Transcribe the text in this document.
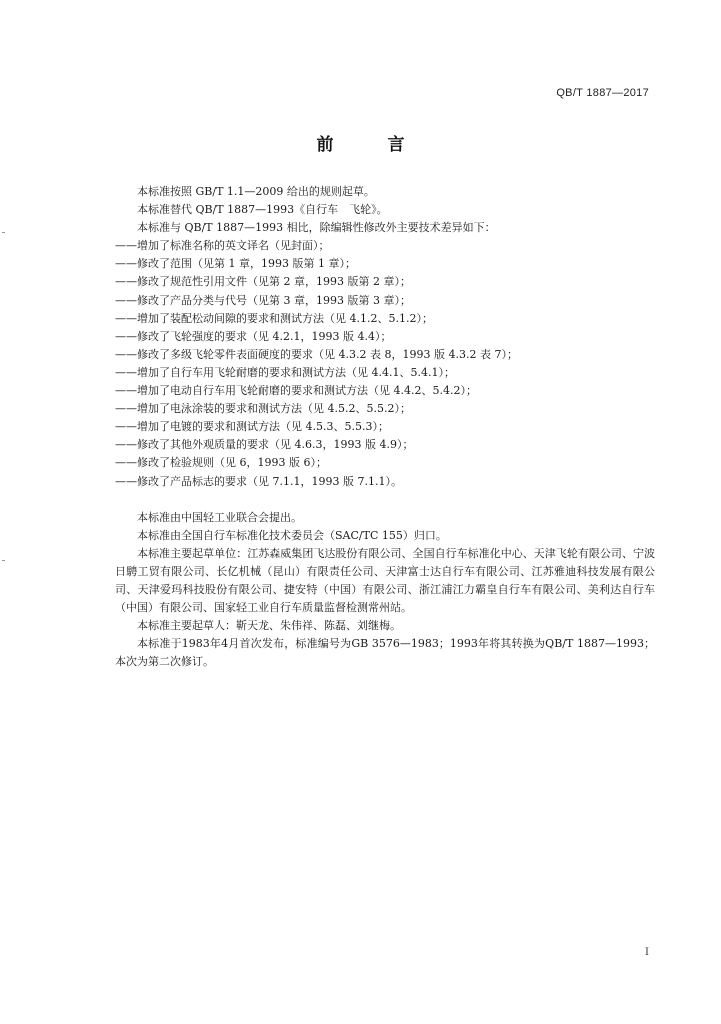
QB/T 1887—2017
前 言

本标准按照 GB/T 1.1—2009 给出的规则起草。

本标准替代 QB/T 1887—1993《自行车　飞轮》。

本标准与 QB/T 1887—1993 相比，除编辑性修改外主要技术差异如下：

——增加了标准名称的英文译名（见封面）；

——修改了范围（见第 1 章，1993 版第 1 章）；

——修改了规范性引用文件（见第 2 章，1993 版第 2 章）；

——修改了产品分类与代号（见第 3 章，1993 版第 3 章）；

——增加了装配松动间隙的要求和测试方法（见 4.1.2、5.1.2）；

——修改了飞轮强度的要求（见 4.2.1，1993 版 4.4）；

——修改了多级飞轮零件表面硬度的要求（见 4.3.2 表 8，1993 版 4.3.2 表 7）；

——增加了自行车用飞轮耐磨的要求和测试方法（见 4.4.1、5.4.1）；

——增加了电动自行车用飞轮耐磨的要求和测试方法（见 4.4.2、5.4.2）；

——增加了电泳涂装的要求和测试方法（见 4.5.2、5.5.2）；

——增加了电镀的要求和测试方法（见 4.5.3、5.5.3）；

——修改了其他外观质量的要求（见 4.6.3，1993 版 4.9）；

——修改了检验规则（见 6，1993 版 6）；

——修改了产品标志的要求（见 7.1.1，1993 版 7.1.1）。

本标准由中国轻工业联合会提出。

本标准由全国自行车标准化技术委员会（SAC/TC 155）归口。

本标准主要起草单位：江苏森威集团飞达股份有限公司、全国自行车标准化中心、天津飞轮有限公司、宁波日騁工贸有限公司、长亿机械（昆山）有限责任公司、天津富士达自行车有限公司、江苏雅迪科技发展有限公司、天津爱玛科技股份有限公司、捷安特（中国）有限公司、浙江浦江力霸皇自行车有限公司、美利达自行车（中国）有限公司、国家轻工业自行车质量监督检测常州站。

本标准主要起草人：靳天龙、朱伟祥、陈磊、刘继梅。

本标准于1983年4月首次发布，标准编号为GB 3576—1983；1993年将其转换为QB/T 1887—1993；本次为第二次修订。

I
